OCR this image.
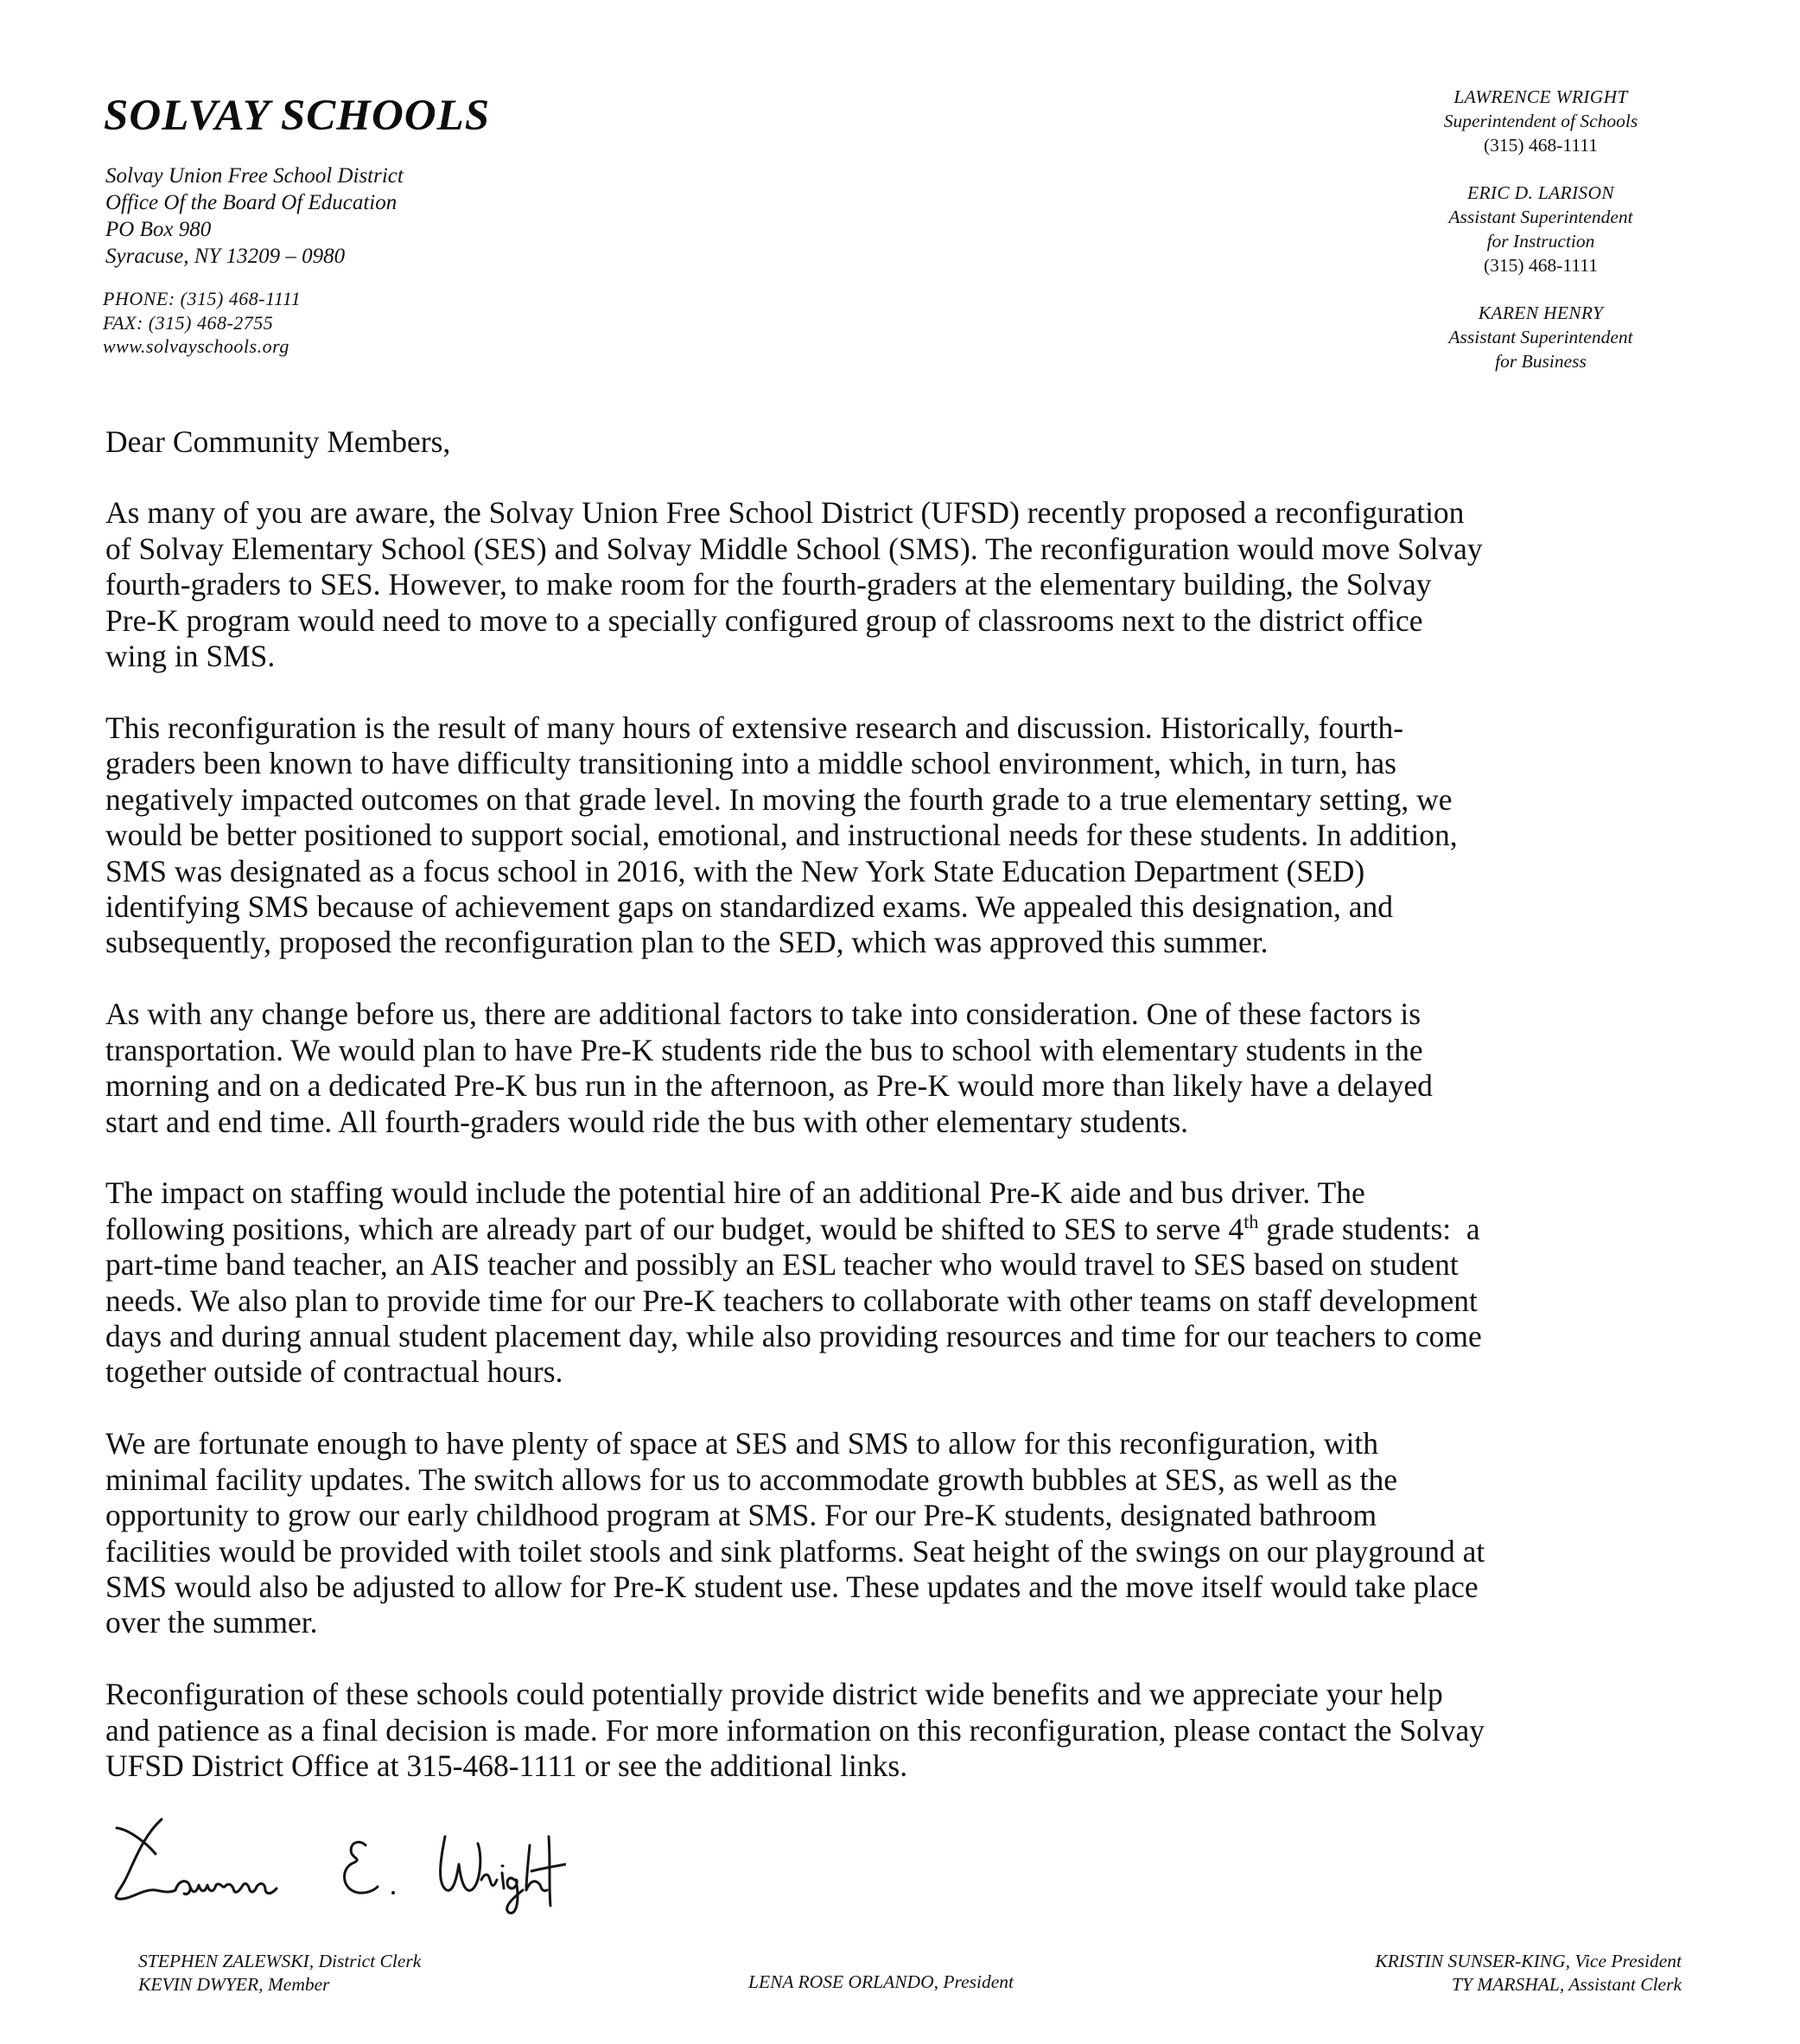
SOLVAY SCHOOLS
Solvay Union Free School District
Office Of the Board Of Education
PO Box 980
Syracuse, NY 13209 – 0980
PHONE: (315) 468-1111
FAX: (315) 468-2755
www.solvayschools.org
LAWRENCE WRIGHT
Superintendent of Schools
(315) 468-1111
ERIC D. LARISON
Assistant Superintendent
for Instruction
(315) 468-1111
KAREN HENRY
Assistant Superintendent
for Business

Dear Community Members,

As many of you are aware, the Solvay Union Free School District (UFSD) recently proposed a reconfiguration
of Solvay Elementary School (SES) and Solvay Middle School (SMS). The reconfiguration would move Solvay
fourth-graders to SES. However, to make room for the fourth-graders at the elementary building, the Solvay
Pre-K program would need to move to a specially configured group of classrooms next to the district office
wing in SMS.

This reconfiguration is the result of many hours of extensive research and discussion. Historically, fourth-
graders been known to have difficulty transitioning into a middle school environment, which, in turn, has
negatively impacted outcomes on that grade level. In moving the fourth grade to a true elementary setting, we
would be better positioned to support social, emotional, and instructional needs for these students. In addition,
SMS was designated as a focus school in 2016, with the New York State Education Department (SED)
identifying SMS because of achievement gaps on standardized exams. We appealed this designation, and
subsequently, proposed the reconfiguration plan to the SED, which was approved this summer.

As with any change before us, there are additional factors to take into consideration. One of these factors is
transportation. We would plan to have Pre-K students ride the bus to school with elementary students in the
morning and on a dedicated Pre-K bus run in the afternoon, as Pre-K would more than likely have a delayed
start and end time. All fourth-graders would ride the bus with other elementary students.

The impact on staffing would include the potential hire of an additional Pre-K aide and bus driver. The
following positions, which are already part of our budget, would be shifted to SES to serve 4th grade students:  a
part-time band teacher, an AIS teacher and possibly an ESL teacher who would travel to SES based on student
needs. We also plan to provide time for our Pre-K teachers to collaborate with other teams on staff development
days and during annual student placement day, while also providing resources and time for our teachers to come
together outside of contractual hours.

We are fortunate enough to have plenty of space at SES and SMS to allow for this reconfiguration, with
minimal facility updates. The switch allows for us to accommodate growth bubbles at SES, as well as the
opportunity to grow our early childhood program at SMS. For our Pre-K students, designated bathroom
facilities would be provided with toilet stools and sink platforms. Seat height of the swings on our playground at
SMS would also be adjusted to allow for Pre-K student use. These updates and the move itself would take place
over the summer.

Reconfiguration of these schools could potentially provide district wide benefits and we appreciate your help
and patience as a final decision is made. For more information on this reconfiguration, please contact the Solvay
UFSD District Office at 315-468-1111 or see the additional links.

STEPHEN ZALEWSKI, District Clerk
KEVIN DWYER, Member	LENA ROSE ORLANDO, President
KRISTIN SUNSER-KING, Vice President
TY MARSHAL, Assistant Clerk
